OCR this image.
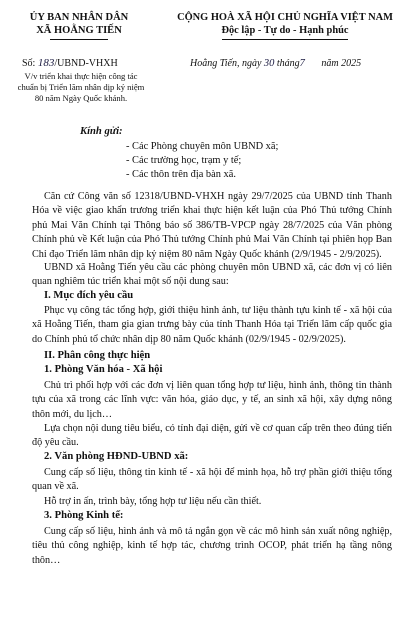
ỦY BAN NHÂN DÂN
XÃ HOẰNG TIẾN
Số: 183/UBND-VHXH
V/v triển khai thực hiện công tác
chuẩn bị Triển lãm nhân dịp kỷ niệm
80 năm Ngày Quốc khánh.
CỘNG HOÀ XÃ HỘI CHỦ NGHĨA VIỆT NAM
Độc lập - Tự do - Hạnh phúc
Hoằng Tiến, ngày 30 tháng7 năm 2025
Kính gửi:
- Các Phòng chuyên môn UBND xã;
- Các trường học, trạm y tế;
- Các thôn trên địa bàn xã.
Căn cứ Công văn số 12318/UBND-VHXH ngày 29/7/2025 của UBND tỉnh Thanh Hóa về việc giao khẩn trương triển khai thực hiện kết luận của Phó Thủ tướng Chính phủ Mai Văn Chính tại Thông báo số 386/TB-VPCP ngày 28/7/2025 của Văn phòng Chính phủ về Kết luận của Phó Thủ tướng Chính phủ Mai Văn Chính tại phiên họp Ban Chỉ đạo Triển lãm nhân dịp kỷ niệm 80 năm Ngày Quốc khánh (2/9/1945 - 2/9/2025).
UBND xã Hoằng Tiến yêu cầu các phòng chuyên môn UBND xã, các đơn vị có liên quan nghiêm túc triển khai một số nội dung sau:
I. Mục đích yêu cầu
Phục vụ công tác tổng hợp, giới thiệu hình ảnh, tư liệu thành tựu kinh tế - xã hội của xã Hoằng Tiến, tham gia gian trưng bày của tỉnh Thanh Hóa tại Triển lãm cấp quốc gia do Chính phủ tổ chức nhân dịp 80 năm Quốc khánh (02/9/1945 - 02/9/2025).
II. Phân công thực hiện
1. Phòng Văn hóa - Xã hội
Chủ trì phối hợp với các đơn vị liên quan tổng hợp tư liệu, hình ảnh, thông tin thành tựu của xã trong các lĩnh vực: văn hóa, giáo dục, y tế, an sinh xã hội, xây dựng nông thôn mới, du lịch…
Lựa chọn nội dung tiêu biểu, có tính đại diện, gửi về cơ quan cấp trên theo đúng tiến độ yêu cầu.
2. Văn phòng HĐND-UBND xã:
Cung cấp số liệu, thông tin kinh tế - xã hội để minh họa, hỗ trợ phần giới thiệu tổng quan về xã.
Hỗ trợ in ấn, trình bày, tổng hợp tư liệu nếu cần thiết.
3. Phòng Kinh tế:
Cung cấp số liệu, hình ảnh và mô tả ngắn gọn về các mô hình sản xuất nông nghiệp, tiêu thủ công nghiệp, kinh tế hợp tác, chương trình OCOP, phát triển hạ tầng nông thôn…
